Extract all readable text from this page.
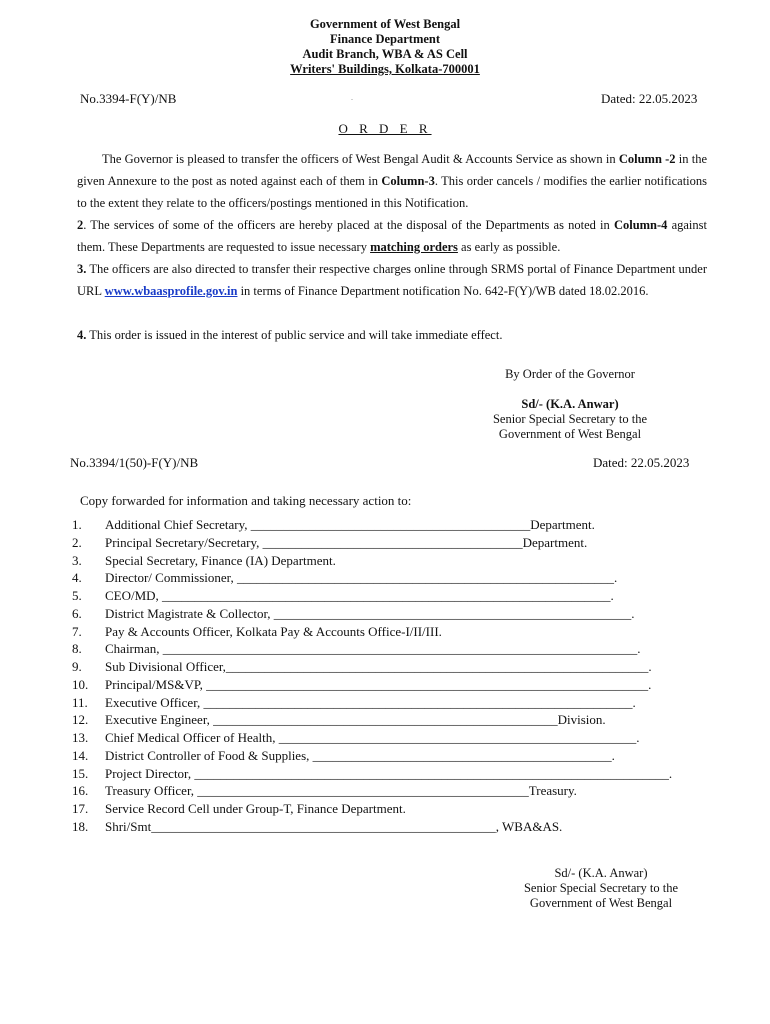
Government of West Bengal
Finance Department
Audit Branch, WBA & AS Cell
Writers' Buildings, Kolkata-700001
No.3394-F(Y)/NB	.	Dated: 22.05.2023
O R D E R
The Governor is pleased to transfer the officers of West Bengal Audit & Accounts Service as shown in Column -2 in the given Annexure to the post as noted against each of them in Column-3. This order cancels / modifies the earlier notifications to the extent they relate to the officers/postings mentioned in this Notification.
2. The services of some of the officers are hereby placed at the disposal of the Departments as noted in Column-4 against them. These Departments are requested to issue necessary matching orders as early as possible.
3. The officers are also directed to transfer their respective charges online through SRMS portal of Finance Department under URL www.wbaasprofile.gov.in in terms of Finance Department notification No. 642-F(Y)/WB dated 18.02.2016.
4. This order is issued in the interest of public service and will take immediate effect.
By Order of the Governor
Sd/- (K.A. Anwar)
Senior Special Secretary to the
Government of West Bengal
No.3394/1(50)-F(Y)/NB	Dated: 22.05.2023
Copy forwarded for information and taking necessary action to:
1. Additional Chief Secretary, ___________________________________________Department.
2. Principal Secretary/Secretary, ________________________________________Department.
3. Special Secretary, Finance (IA) Department.
4. Director/ Commissioner, __________________________________________________________.
5. CEO/MD, _____________________________________________________________________.
6. District Magistrate & Collector, _______________________________________________________.
7. Pay & Accounts Officer, Kolkata Pay & Accounts Office-I/II/III.
8. Chairman, _________________________________________________________________________.
9. Sub Divisional Officer,_________________________________________________________________.
10. Principal/MS&VP, ____________________________________________________________________.
11. Executive Officer, __________________________________________________________________.
12. Executive Engineer, _____________________________________________________Division.
13. Chief Medical Officer of Health, _______________________________________________________.
14. District Controller of Food & Supplies, ______________________________________________.
15. Project Director, _________________________________________________________________________.
16. Treasury Officer, ___________________________________________________Treasury.
17. Service Record Cell under Group-T, Finance Department.
18. Shri/Smt_____________________________________________________, WBA&AS.
Sd/- (K.A. Anwar)
Senior Special Secretary to the
Government of West Bengal
